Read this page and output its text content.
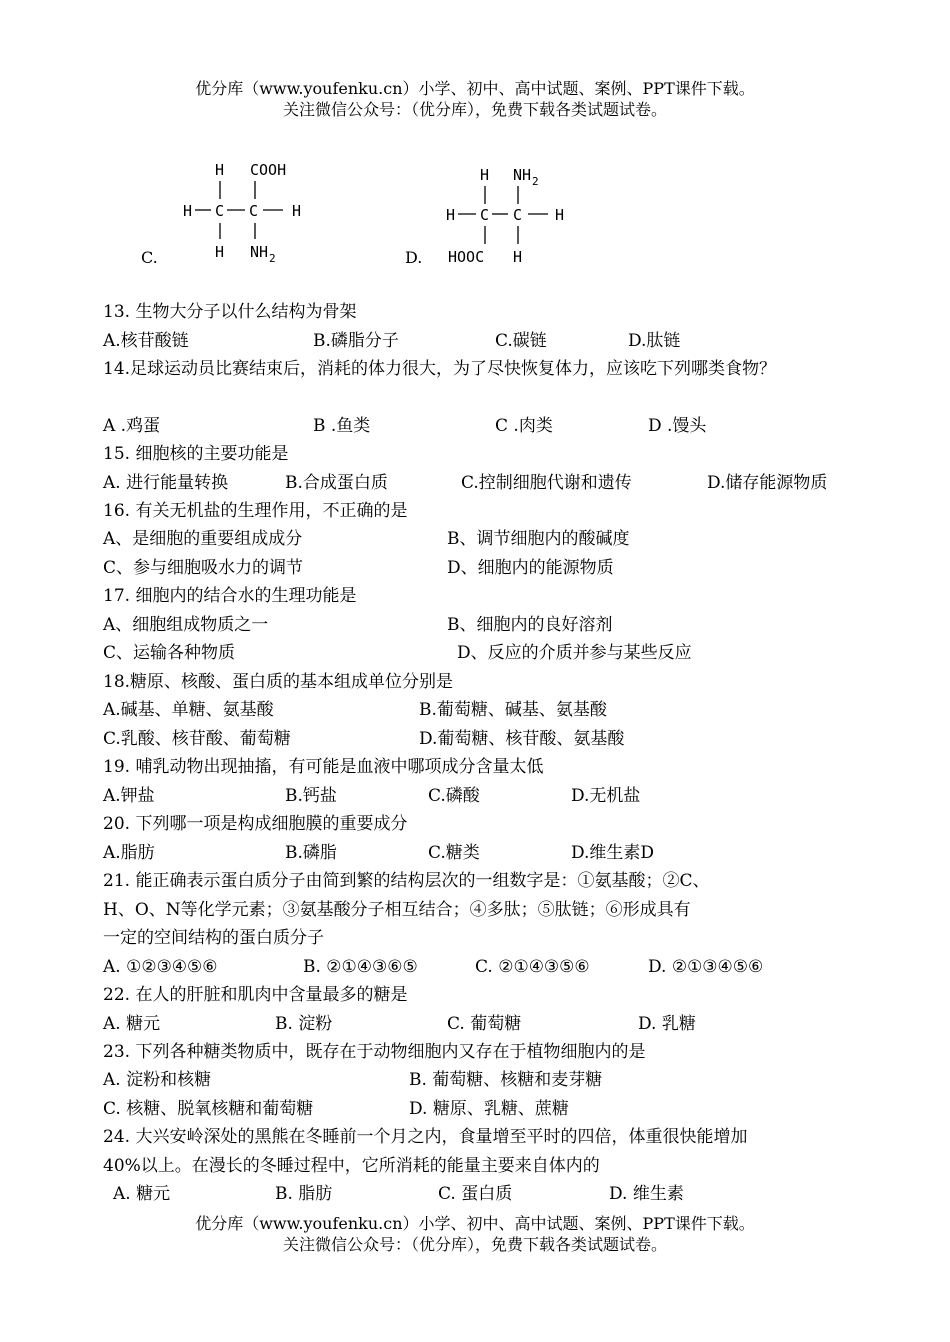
优分库（www.youfenku.cn）小学、初中、高中试题、案例、PPT课件下载。
关注微信公众号：（优分库），免费下载各类试题试卷。
C.
H COOH
H C C H
H NH 2	D.
H NH 2
H C C H
HOOC H
13. 生物大分子以什么结构为骨架
A.核苷酸链	B.磷脂分子	C.碳链	D.肽链
14.足球运动员比赛结束后，消耗的体力很大，为了尽快恢复体力，应该吃下列哪类食物？
A .鸡蛋	B .鱼类	C .肉类	D .馒头
15. 细胞核的主要功能是
A. 进行能量转换	B.合成蛋白质	C.控制细胞代谢和遗传	D.储存能源物质
16. 有关无机盐的生理作用，不正确的是
A、是细胞的重要组成成分	B、调节细胞内的酸碱度
C、参与细胞吸水力的调节	D、细胞内的能源物质
17. 细胞内的结合水的生理功能是
A、细胞组成物质之一	B、细胞内的良好溶剂
C、运输各种物质	D、反应的介质并参与某些反应
18.糖原、核酸、蛋白质的基本组成单位分别是
A.碱基、单糖、氨基酸	B.葡萄糖、碱基、氨基酸
C.乳酸、核苷酸、葡萄糖	D.葡萄糖、核苷酸、氨基酸
19. 哺乳动物出现抽搐，有可能是血液中哪项成分含量太低
A.钾盐	B.钙盐	C.磷酸	D.无机盐
20. 下列哪一项是构成细胞膜的重要成分
A.脂肪	B.磷脂	C.糖类	D.维生素D
21. 能正确表示蛋白质分子由简到繁的结构层次的一组数字是：①氨基酸；②C、
H、O、N等化学元素；③氨基酸分子相互结合；④多肽；⑤肽链；⑥形成具有
一定的空间结构的蛋白质分子
A. ①②③④⑤⑥	B. ②①④③⑥⑤	C. ②①④③⑤⑥	D. ②①③④⑤⑥
22. 在人的肝脏和肌肉中含量最多的糖是
A. 糖元	B. 淀粉	C. 葡萄糖	D. 乳糖
23. 下列各种糖类物质中，既存在于动物细胞内又存在于植物细胞内的是
A. 淀粉和核糖	B. 葡萄糖、核糖和麦芽糖
C. 核糖、脱氧核糖和葡萄糖	D. 糖原、乳糖、蔗糖
24. 大兴安岭深处的黑熊在冬睡前一个月之内，食量增至平时的四倍，体重很快能增加
40%以上。在漫长的冬睡过程中，它所消耗的能量主要来自体内的
A. 糖元	B. 脂肪	C. 蛋白质	D. 维生素
优分库（www.youfenku.cn）小学、初中、高中试题、案例、PPT课件下载。
关注微信公众号：（优分库），免费下载各类试题试卷。
